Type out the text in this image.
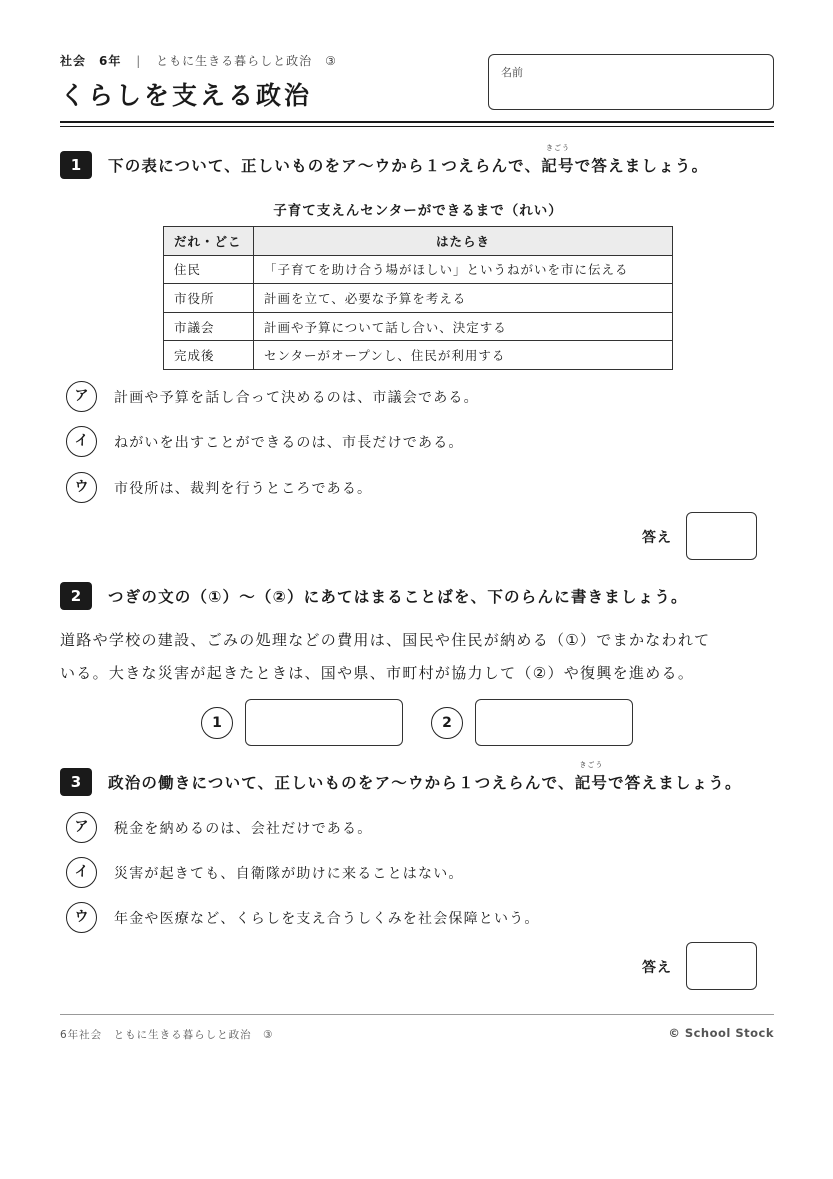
社会　6年 | ともに生きる暮らしと政治　③
くらしを支える政治
名前
1	下の表について、正しいものをア～ウから１つえらんで、
きごう
記号で答えましょう。
子育て支えんセンターができるまで（れい）
だれ・どこ	はたらき
住民	「子育てを助け合う場がほしい」というねがいを市に伝える
市役所	計画を立て、必要な予算を考える
市議会	計画や予算について話し合い、決定する
完成後	センターがオープンし、住民が利用する
ア	計画や予算を話し合って決めるのは、市議会である。
イ	ねがいを出すことができるのは、市長だけである。
ウ	市役所は、裁判を行うところである。
答え
2	つぎの文の（①）～（②）にあてはまることばを、下のらんに書きましょう。
道路や学校の建設、ごみの処理などの費用は、国民や住民が納める（①）でまかなわれて
いる。大きな災害が起きたときは、国や県、市町村が協力して（②）や復興を進める。
1	2
3	政治の働きについて、正しいものをア～ウから１つえらんで、
きごう
記号で答えましょう。
ア	税金を納めるのは、会社だけである。
イ	災害が起きても、自衛隊が助けに来ることはない。
ウ	年金や医療など、くらしを支え合うしくみを社会保障という。
答え
6年社会　ともに生きる暮らしと政治　③	© School Stock
